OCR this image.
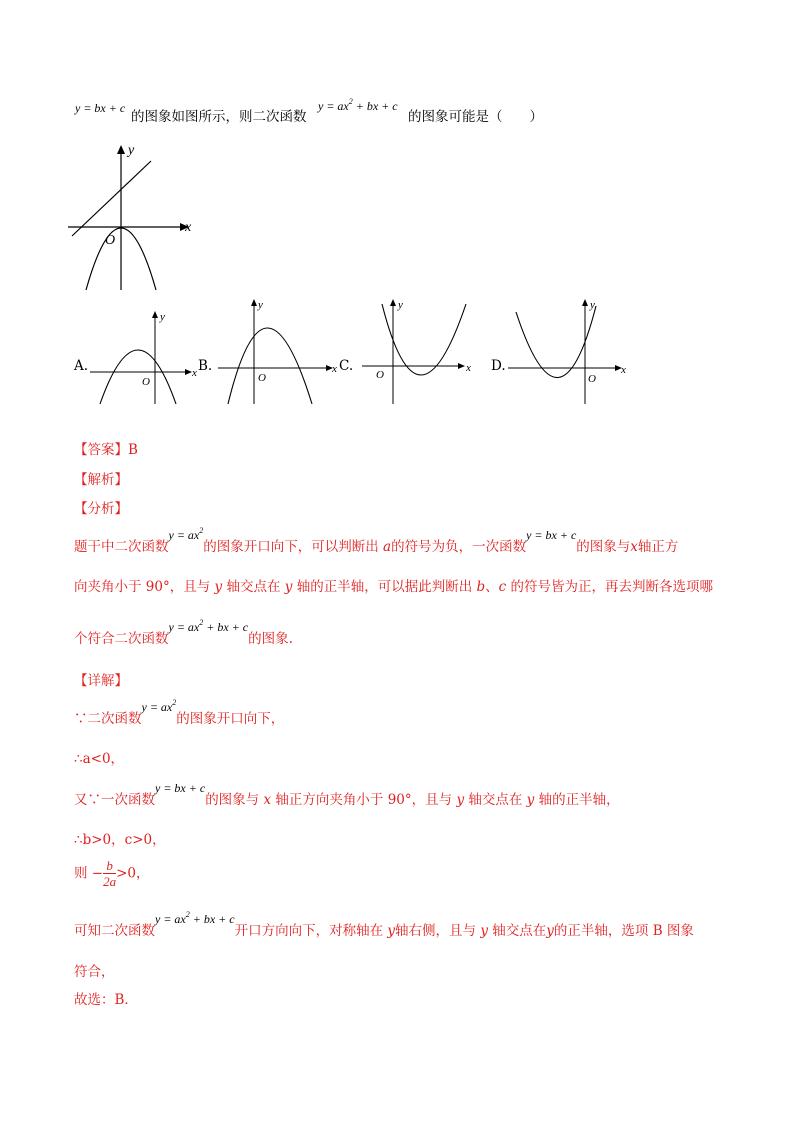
y = bx + c
的图象如图所示，则二次函数
$y = ax^2$ + bx + c
的图象可能是（　　）
y
x
O
A.
y
x
O
B.
y
x
O
C.
y
x
O
D.
y
x
O
【答案】B
【解析】
【分析】
题干中二次函数$y = ax^2$的图象开口向下，可以判断出 a的符号为负，一次函数y = bx + c的图象与x轴正方
向夹角小于 90°，且与 y 轴交点在 y 轴的正半轴，可以据此判断出 b、c 的符号皆为正，再去判断各选项哪
个符合二次函数$y = ax^2$ + bx + c的图象.
【详解】
∵二次函数$y = ax^2$的图象开口向下，
∴a<0，
又∵一次函数y = bx + c的图象与 x 轴正方向夹角小于 90°，且与 y 轴交点在 y 轴的正半轴，
∴b>0，c>0，
则 − $\frac{b}{2a} >0$，
可知二次函数$y = ax^2$ + bx + c开口方向向下，对称轴在 y轴右侧，且与 y 轴交点在y的正半轴，选项 B 图象
符合，
故选：B．
